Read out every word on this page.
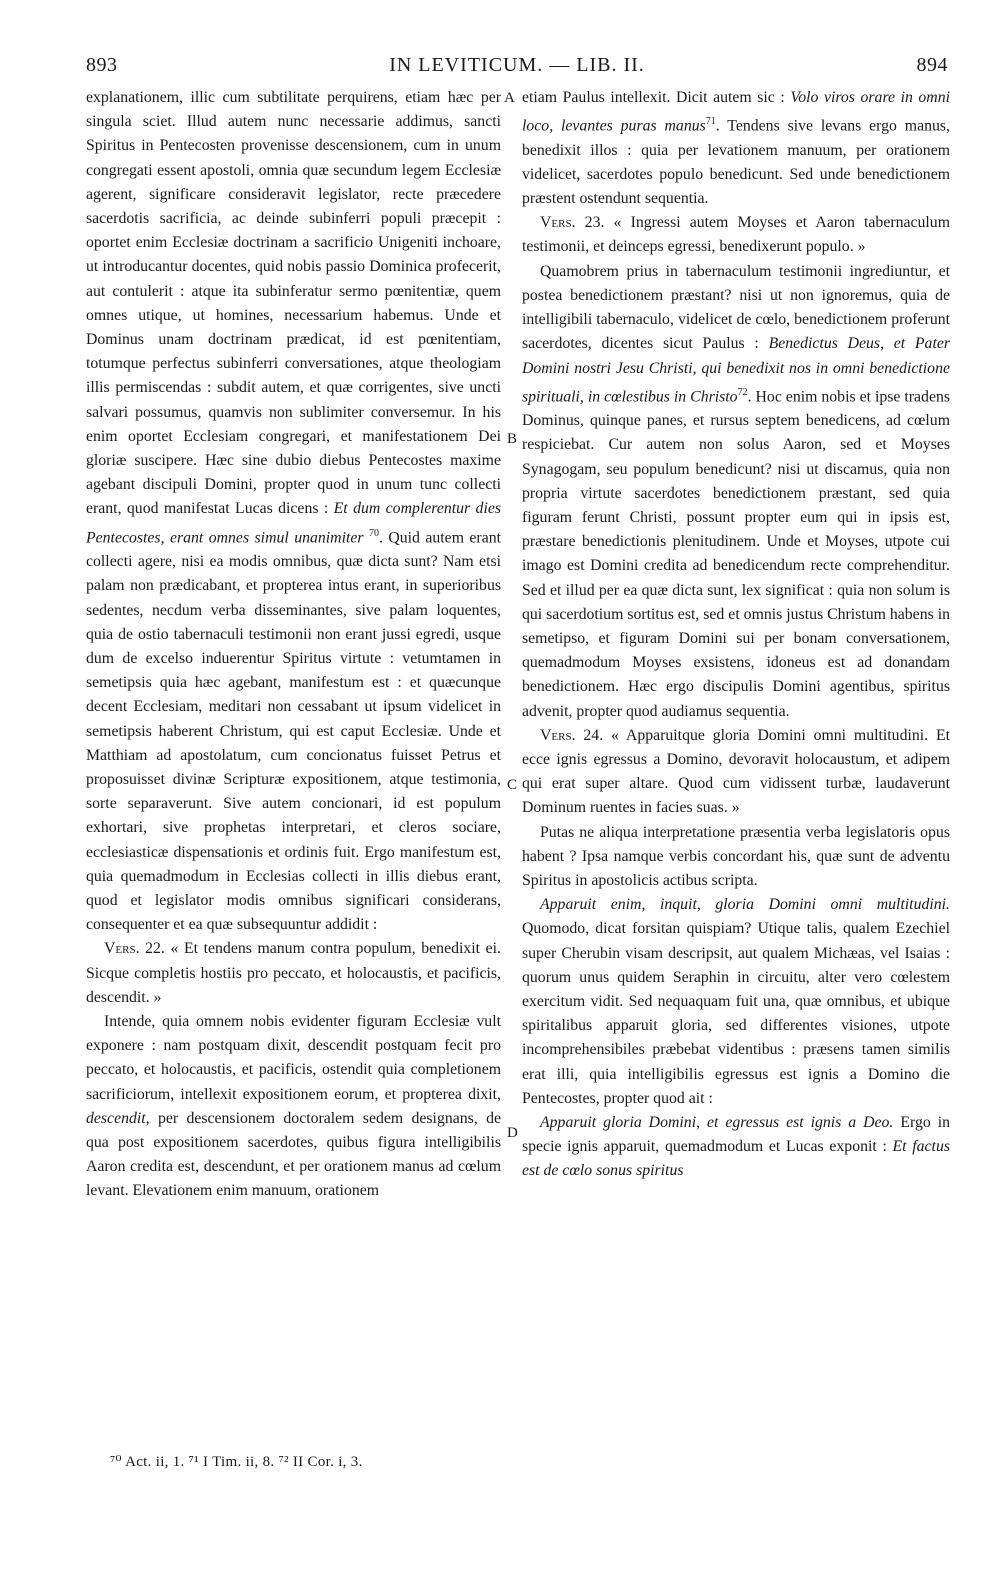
893	IN LEVITICUM. — LIB. II.	894

explanationem, illic cum subtilitate perquirens, etiam hæc per singula sciet. Illud autem nunc necessarie addimus, sancti Spiritus in Pentecosten provenisse descensionem, cum in unum congregati essent apostoli, omnia quæ secundum legem Ecclesiæ agerent, significare consideravit legislator, recte præcedere sacerdotis sacrificia, ac deinde subinferri populi præcepit : oportet enim Ecclesiæ doctrinam a sacrificio Unigeniti inchoare, ut introducantur docentes, quid nobis passio Dominica profecerit, aut contulerit : atque ita subinferatur sermo pœnitentiæ, quem omnes utique, ut homines, necessarium habemus. Unde et Dominus unam doctrinam prædicat, id est pœnitentiam, totumque perfectus subinferri conversationes, atque theologiam illis permiscendas : subdit autem, et quæ corrigentes, sive uncti salvari possumus, quamvis non sublimiter conversemur. In his enim oportet Ecclesiam congregari, et manifestationem Dei gloriæ suscipere. Hæc sine dubio diebus Pentecostes maxime agebant discipuli Domini, propter quod in unum tunc collecti erant, quod manifestat Lucas dicens : Et dum complerentur dies Pentecostes, erant omnes simul unanimiter $^{70}$. Quid autem erant collecti agere, nisi ea modis omnibus, quæ dicta sunt? Nam etsi palam non prædicabant, et propterea intus erant, in superioribus sedentes, necdum verba disseminantes, sive palam loquentes, quia de ostio tabernaculi testimonii non erant jussi egredi, usque dum de excelso induerentur Spiritus virtute : vetumtamen in semetipsis quia hæc agebant, manifestum est : et quæcunque decent Ecclesiam, meditari non cessabant ut ipsum videlicet in semetipsis haberent Christum, qui est caput Ecclesiæ. Unde et Matthiam ad apostolatum, cum concionatus fuisset Petrus et proposuisset divinæ Scripturæ expositionem, atque testimonia, sorte separaverunt. Sive autem concionari, id est populum exhortari, sive prophetas interpretari, et cleros sociare, ecclesiasticæ dispensationis et ordinis fuit. Ergo manifestum est, quia quemadmodum in Ecclesias collecti in illis diebus erant, quod et legislator modis omnibus significari considerans, consequenter et ea quæ subsequuntur addidit :

Vers. 22. « Et tendens manum contra populum, benedixit ei. Sicque completis hostiis pro peccato, et holocaustis, et pacificis, descendit. »

Intende, quia omnem nobis evidenter figuram Ecclesiæ vult exponere : nam postquam dixit, descendit postquam fecit pro peccato, et holocaustis, et pacificis, ostendit quia completionem sacrificiorum, intellexit expositionem eorum, et propterea dixit, descendit, per descensionem doctoralem sedem designans, de qua post expositionem sacerdotes, quibus figura intelligibilis Aaron credita est, descendunt, et per orationem manus ad cœlum levant. Elevationem enim manuum, orationem

A
B
C
D

etiam Paulus intellexit. Dicit autem sic : Volo viros orare in omni loco, levantes puras manus$^{71}$. Tendens sive levans ergo manus, benedixit illos : quia per levationem manuum, per orationem videlicet, sacerdotes populo benedicunt. Sed unde benedictionem præstent ostendunt sequentia.

Vers. 23. « Ingressi autem Moyses et Aaron tabernaculum testimonii, et deinceps egressi, benedixerunt populo. »

Quamobrem prius in tabernaculum testimonii ingrediuntur, et postea benedictionem præstant? nisi ut non ignoremus, quia de intelligibili tabernaculo, videlicet de cœlo, benedictionem proferunt sacerdotes, dicentes sicut Paulus : Benedictus Deus, et Pater Domini nostri Jesu Christi, qui benedixit nos in omni benedictione spirituali, in cœlestibus in Christo$^{72}$. Hoc enim nobis et ipse tradens Dominus, quinque panes, et rursus septem benedicens, ad cœlum respiciebat. Cur autem non solus Aaron, sed et Moyses Synagogam, seu populum benedicunt? nisi ut discamus, quia non propria virtute sacerdotes benedictionem præstant, sed quia figuram ferunt Christi, possunt propter eum qui in ipsis est, præstare benedictionis plenitudinem. Unde et Moyses, utpote cui imago est Domini credita ad benedicendum recte comprehenditur. Sed et illud per ea quæ dicta sunt, lex significat : quia non solum is qui sacerdotium sortitus est, sed et omnis justus Christum habens in semetipso, et figuram Domini sui per bonam conversationem, quemadmodum Moyses exsistens, idoneus est ad donandam benedictionem. Hæc ergo discipulis Domini agentibus, spiritus advenit, propter quod audiamus sequentia.

Vers. 24. « Apparuitque gloria Domini omni multitudini. Et ecce ignis egressus a Domino, devoravit holocaustum, et adipem qui erat super altare. Quod cum vidissent turbæ, laudaverunt Dominum ruentes in facies suas. »

Putas ne aliqua interpretatione præsentia verba legislatoris opus habent ? Ipsa namque verbis concordant his, quæ sunt de adventu Spiritus in apostolicis actibus scripta.

Apparuit enim, inquit, gloria Domini omni multitudini. Quomodo, dicat forsitan quispiam? Utique talis, qualem Ezechiel super Cherubin visam descripsit, aut qualem Michæas, vel Isaias : quorum unus quidem Seraphin in circuitu, alter vero cœlestem exercitum vidit. Sed nequaquam fuit una, quæ omnibus, et ubique spiritalibus apparuit gloria, sed differentes visiones, utpote incomprehensibiles præbebat videntibus : præsens tamen similis erat illi, quia intelligibilis egressus est ignis a Domino die Pentecostes, propter quod ait :

Apparuit gloria Domini, et egressus est ignis a Deo. Ergo in specie ignis apparuit, quemadmodum et Lucas exponit : Et factus est de cœlo sonus spiritus

⁷⁰ Act. ii, 1. ⁷¹ I Tim. ii, 8. ⁷² II Cor. i, 3.
